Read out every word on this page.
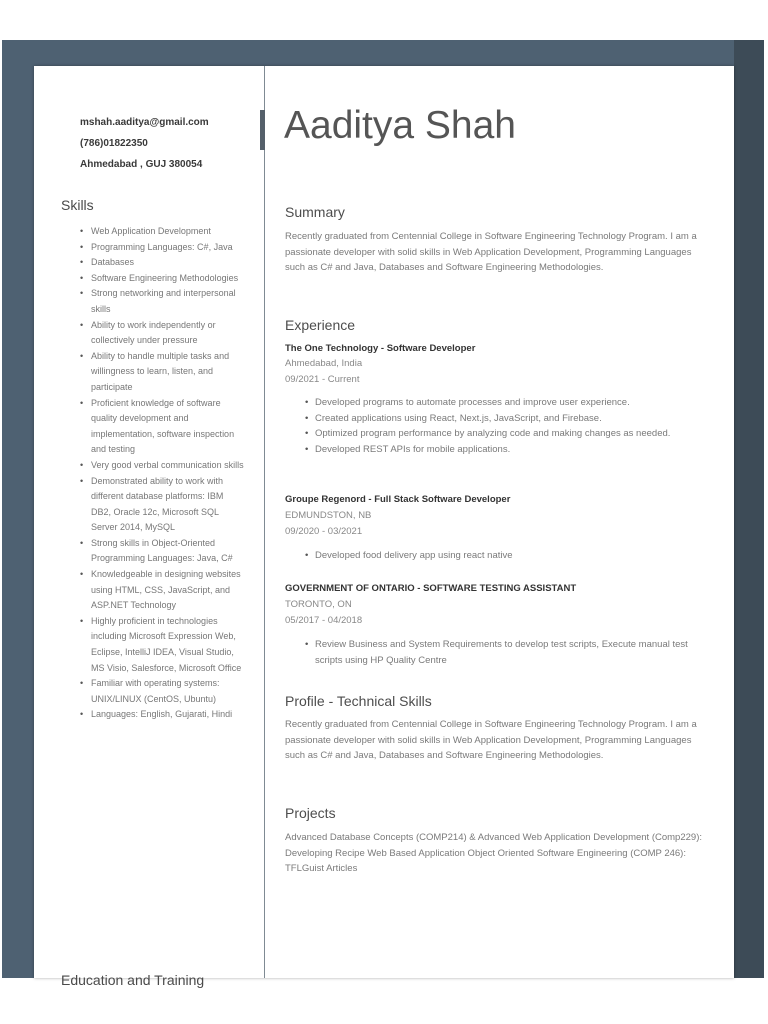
mshah.aaditya@gmail.com
(786)01822350
Ahmedabad , GUJ 380054
Skills
• Web Application Development
• Programming Languages: C#, Java
• Databases
• Software Engineering Methodologies
• Strong networking and interpersonal skills
• Ability to work independently or collectively under pressure
• Ability to handle multiple tasks and willingness to learn, listen, and participate
• Proficient knowledge of software quality development and implementation, software inspection and testing
• Very good verbal communication skills
• Demonstrated ability to work with different database platforms: IBM DB2, Oracle 12c, Microsoft SQL Server 2014, MySQL
• Strong skills in Object-Oriented Programming Languages: Java, C#
• Knowledgeable in designing websites using HTML, CSS, JavaScript, and ASP.NET Technology
• Highly proficient in technologies including Microsoft Expression Web, Eclipse, IntelliJ IDEA, Visual Studio, MS Visio, Salesforce, Microsoft Office
• Familiar with operating systems: UNIX/LINUX (CentOS, Ubuntu)
• Languages: English, Gujarati, Hindi
Education and Training
Aaditya Shah
Summary

Recently graduated from Centennial College in Software Engineering Technology Program. I am a passionate developer with solid skills in Web Application Development, Programming Languages such as C# and Java, Databases and Software Engineering Methodologies.

Experience
The One Technology - Software Developer
Ahmedabad, India
09/2021 - Current
• Developed programs to automate processes and improve user experience.
• Created applications using React, Next.js, JavaScript, and Firebase.
• Optimized program performance by analyzing code and making changes as needed.
• Developed REST APIs for mobile applications.
Groupe Regenord - Full Stack Software Developer
EDMUNDSTON, NB
09/2020 - 03/2021
• Developed food delivery app using react native
GOVERNMENT OF ONTARIO - SOFTWARE TESTING ASSISTANT
TORONTO, ON
05/2017 - 04/2018
• Review Business and System Requirements to develop test scripts, Execute manual test scripts using HP Quality Centre
Profile - Technical Skills

Recently graduated from Centennial College in Software Engineering Technology Program. I am a passionate developer with solid skills in Web Application Development, Programming Languages such as C# and Java, Databases and Software Engineering Methodologies.

Projects

Advanced Database Concepts (COMP214) & Advanced Web Application Development (Comp229): Developing Recipe Web Based Application Object Oriented Software Engineering (COMP 246): TFLGuist Articles
